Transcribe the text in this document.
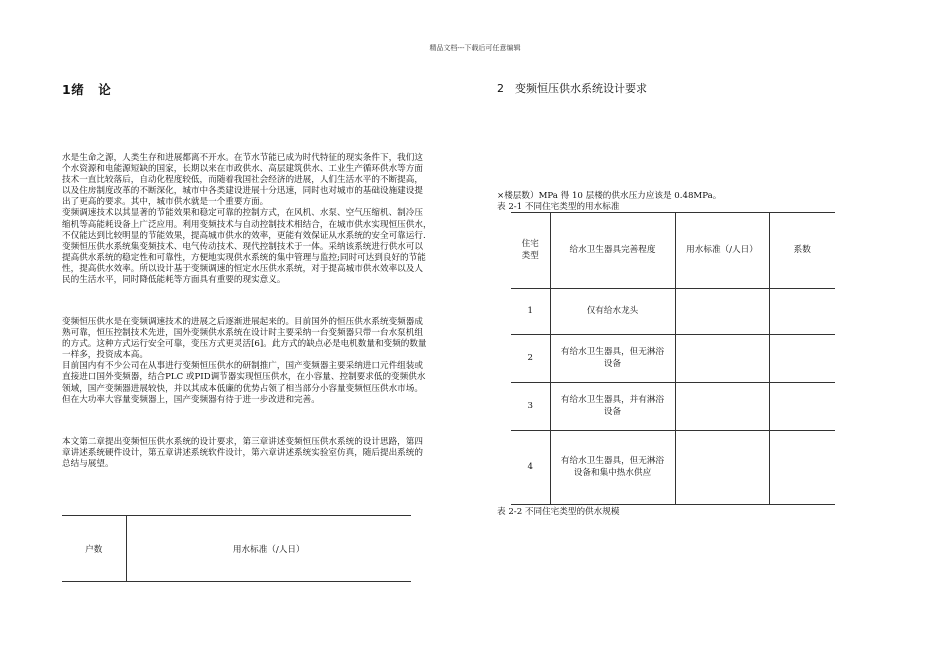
精品文档---下载后可任意编辑
1绪 论	2 变频恒压供水系统设计要求
水是生命之源，人类生存和进展都离不开水。在节水节能已成为时代特征的现实条件下，我们这
个水资源和电能源短缺的国家，长期以来在市政供水、高层建筑供水、工业生产循环供水等方面
技术一直比较落后，自动化程度较低，而随着我国社会经济的进展，人们生活水平的不断提高，
以及住房制度改革的不断深化，城市中各类建设进展十分迅速，同时也对城市的基础设施建设提
出了更高的要求。其中，城市供水就是一个重要方面。
变频调速技术以其显著的节能效果和稳定可靠的控制方式，在风机、水泵、空气压缩机、制冷压
缩机等高能耗设备上广泛应用。利用变频技术与自动控制技术相结合，在城市供水实现恒压供水，
不仅能达到比较明显的节能效果，提高城市供水的效率，更能有效保证从水系统的安全可靠运行.
变频恒压供水系统集变频技术、电气传动技术、现代控制技术于一体。采纳该系统进行供水可以
提高供水系统的稳定性和可靠性，方便地实现供水系统的集中管理与监控;同时可达到良好的节能
性，提高供水效率。所以设计基于变频调速的恒定水压供水系统，对于提高城市供水效率以及人
民的生活水平，同时降低能耗等方面具有重要的现实意义。
变频恒压供水是在变频调速技术的进展之后逐渐进展起来的。目前国外的恒压供水系统变频器成
熟可靠，恒压控制技术先进，国外变频供水系统在设计时主要采纳一台变频器只带一台水泵机组
的方式。这种方式运行安全可靠，变压方式更灵活[6]。此方式的缺点必是电机数量和变频的数量
一样多，投资成本高。
目前国内有不少公司在从事进行变频恒压供水的研制推广，国产变频器主要采纳进口元件组装或
直接进口国外变频器，结合PLC 或PID调节器实现恒压供水，在小容量、控制要求低的变频供水
领域，国产变频器进展较快，并以其成本低廉的优势占领了相当部分小容量变频恒压供水市场。
但在大功率大容量变频器上，国产变频器有待于进一步改进和完善。
本文第二章提出变频恒压供水系统的设计要求，第三章讲述变频恒压供水系统的设计思路，第四
章讲述系统硬件设计，第五章讲述系统软件设计，第六章讲述系统实验室仿真，随后提出系统的
总结与展望。
×楼层数）MPa 得 10 层楼的供水压力应该是 0.48MPa。
表 2-1 不同住宅类型的用水标准
住宅
类型	给水卫生器具完善程度	用水标准（/人日）	系数
1	仅有给水龙头		
2	有给水卫生器具，但无淋浴
设备		
3	有给水卫生器具，并有淋浴
设备		
4	有给水卫生器具，但无淋浴
设备和集中热水供应		
表 2-2 不同住宅类型的供水规模
户数	用水标准（/人日）
